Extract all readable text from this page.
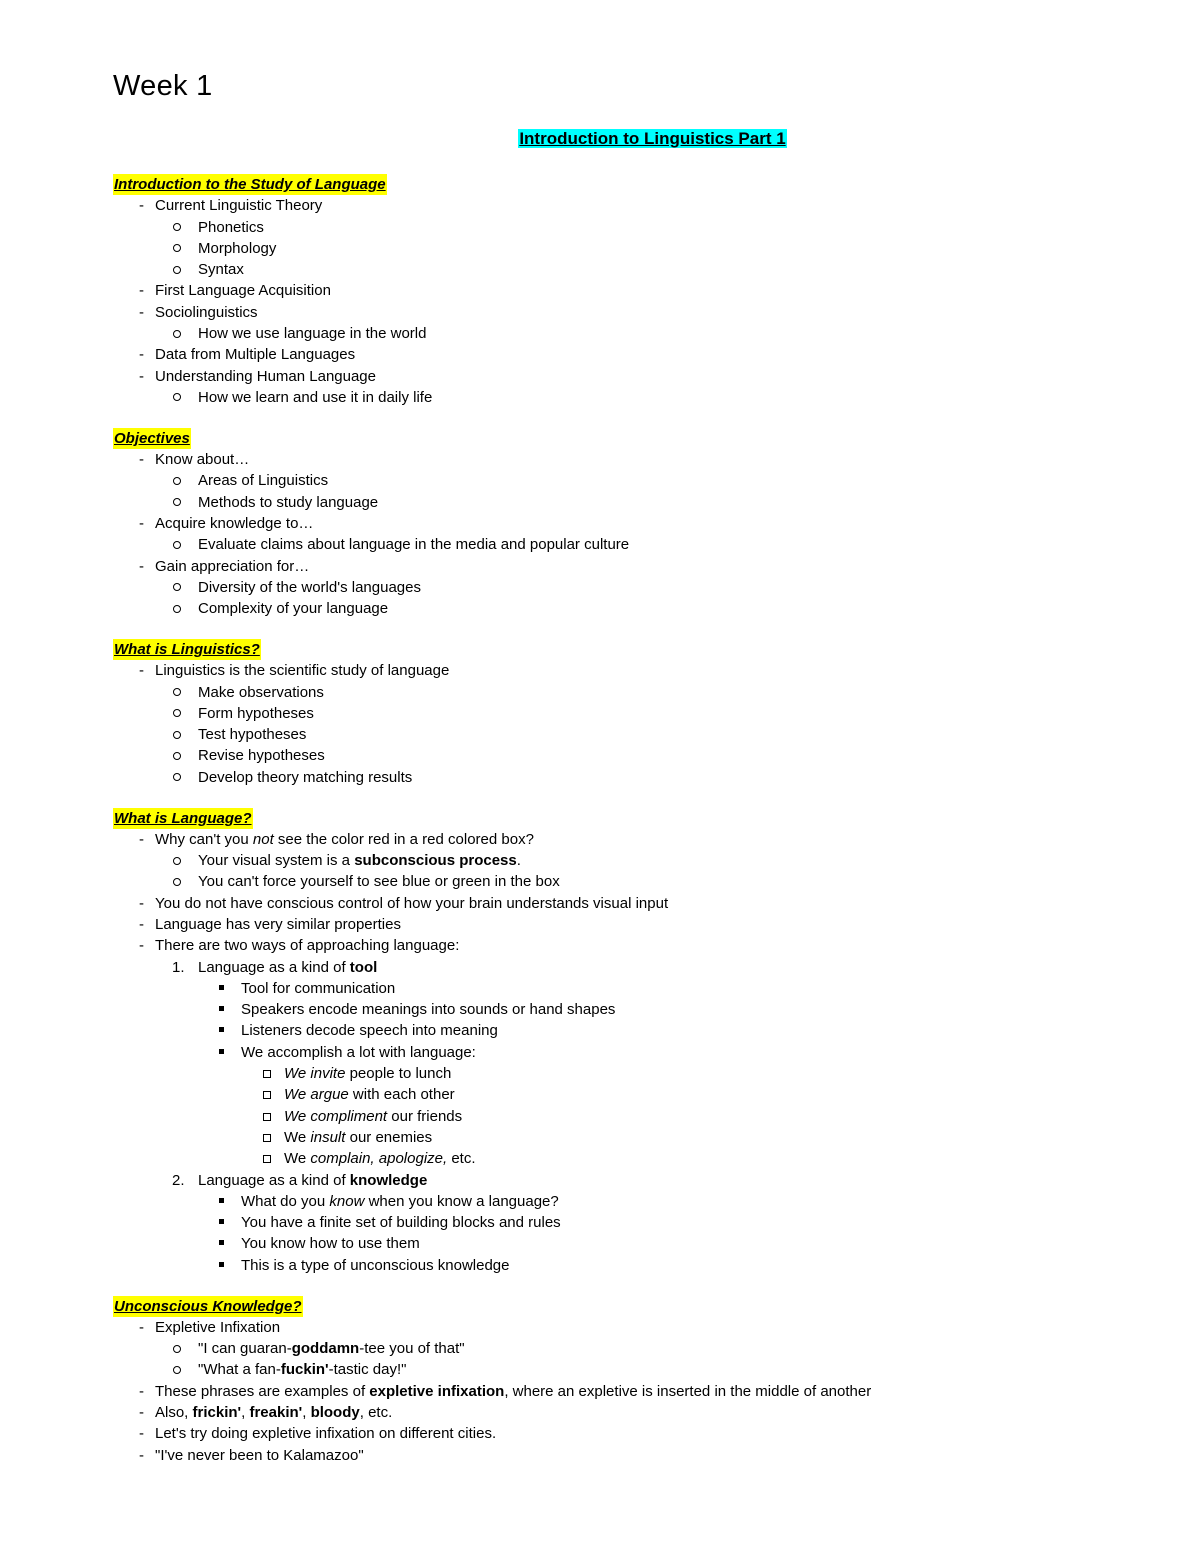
Week 1
Introduction to Linguistics Part 1
Introduction to the Study of Language
- Current Linguistic Theory
Phonetics
Morphology
Syntax
- First Language Acquisition
- Sociolinguistics
How we use language in the world
- Data from Multiple Languages
- Understanding Human Language
How we learn and use it in daily life
Objectives
- Know about…
Areas of Linguistics
Methods to study language
- Acquire knowledge to…
Evaluate claims about language in the media and popular culture
- Gain appreciation for…
Diversity of the world's languages
Complexity of your language
What is Linguistics?
- Linguistics is the scientific study of language
Make observations
Form hypotheses
Test hypotheses
Revise hypotheses
Develop theory matching results
What is Language?
- Why can't you not see the color red in a red colored box?
Your visual system is a subconscious process.
You can't force yourself to see blue or green in the box
- You do not have conscious control of how your brain understands visual input
- Language has very similar properties
- There are two ways of approaching language:
1. Language as a kind of tool
Tool for communication
Speakers encode meanings into sounds or hand shapes
Listeners decode speech into meaning
We accomplish a lot with language:
We invite people to lunch
We argue with each other
We compliment our friends
We insult our enemies
We complain, apologize, etc.
2. Language as a kind of knowledge
What do you know when you know a language?
You have a finite set of building blocks and rules
You know how to use them
This is a type of unconscious knowledge
Unconscious Knowledge?
- Expletive Infixation
"I can guaran-goddamn-tee you of that"
"What a fan-fuckin'-tastic day!"
- These phrases are examples of expletive infixation, where an expletive is inserted in the middle of another
- Also, frickin', freakin', bloody, etc.
- Let's try doing expletive infixation on different cities.
- "I've never been to Kalamazoo"
